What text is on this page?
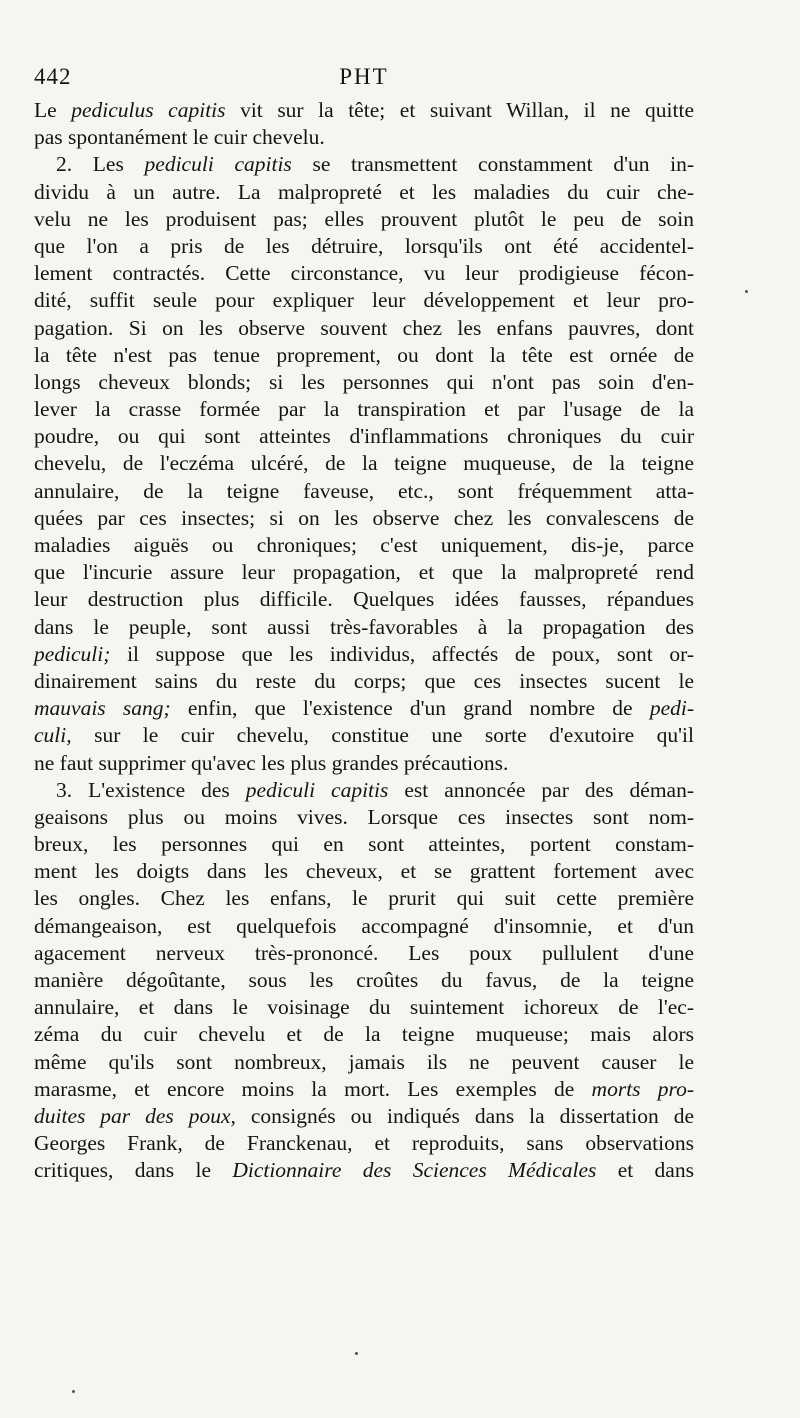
442	PHT
Le pediculus capitis vit sur la tête; et suivant Willan, il ne quitte
pas spontanément le cuir chevelu.
2. Les pediculi capitis se transmettent constamment d'un in-
dividu à un autre. La malpropreté et les maladies du cuir che-
velu ne les produisent pas; elles prouvent plutôt le peu de soin
que l'on a pris de les détruire, lorsqu'ils ont été accidentel-
lement contractés. Cette circonstance, vu leur prodigieuse fécon-
dité, suffit seule pour expliquer leur développement et leur pro-
pagation. Si on les observe souvent chez les enfans pauvres, dont
la tête n'est pas tenue proprement, ou dont la tête est ornée de
longs cheveux blonds; si les personnes qui n'ont pas soin d'en-
lever la crasse formée par la transpiration et par l'usage de la
poudre, ou qui sont atteintes d'inflammations chroniques du cuir
chevelu, de l'eczéma ulcéré, de la teigne muqueuse, de la teigne
annulaire, de la teigne faveuse, etc., sont fréquemment atta-
quées par ces insectes; si on les observe chez les convalescens de
maladies aiguës ou chroniques; c'est uniquement, dis-je, parce
que l'incurie assure leur propagation, et que la malpropreté rend
leur destruction plus difficile. Quelques idées fausses, répandues
dans le peuple, sont aussi très-favorables à la propagation des
pediculi; il suppose que les individus, affectés de poux, sont or-
dinairement sains du reste du corps; que ces insectes sucent le
mauvais sang; enfin, que l'existence d'un grand nombre de pedi-
culi, sur le cuir chevelu, constitue une sorte d'exutoire qu'il
ne faut supprimer qu'avec les plus grandes précautions.
3. L'existence des pediculi capitis est annoncée par des déman-
geaisons plus ou moins vives. Lorsque ces insectes sont nom-
breux, les personnes qui en sont atteintes, portent constam-
ment les doigts dans les cheveux, et se grattent fortement avec
les ongles. Chez les enfans, le prurit qui suit cette première
démangeaison, est quelquefois accompagné d'insomnie, et d'un
agacement nerveux très-prononcé. Les poux pullulent d'une
manière dégoûtante, sous les croûtes du favus, de la teigne
annulaire, et dans le voisinage du suintement ichoreux de l'ec-
zéma du cuir chevelu et de la teigne muqueuse; mais alors
même qu'ils sont nombreux, jamais ils ne peuvent causer le
marasme, et encore moins la mort. Les exemples de morts pro-
duites par des poux, consignés ou indiqués dans la dissertation de
Georges Frank, de Franckenau, et reproduits, sans observations
critiques, dans le Dictionnaire des Sciences Médicales et dans
